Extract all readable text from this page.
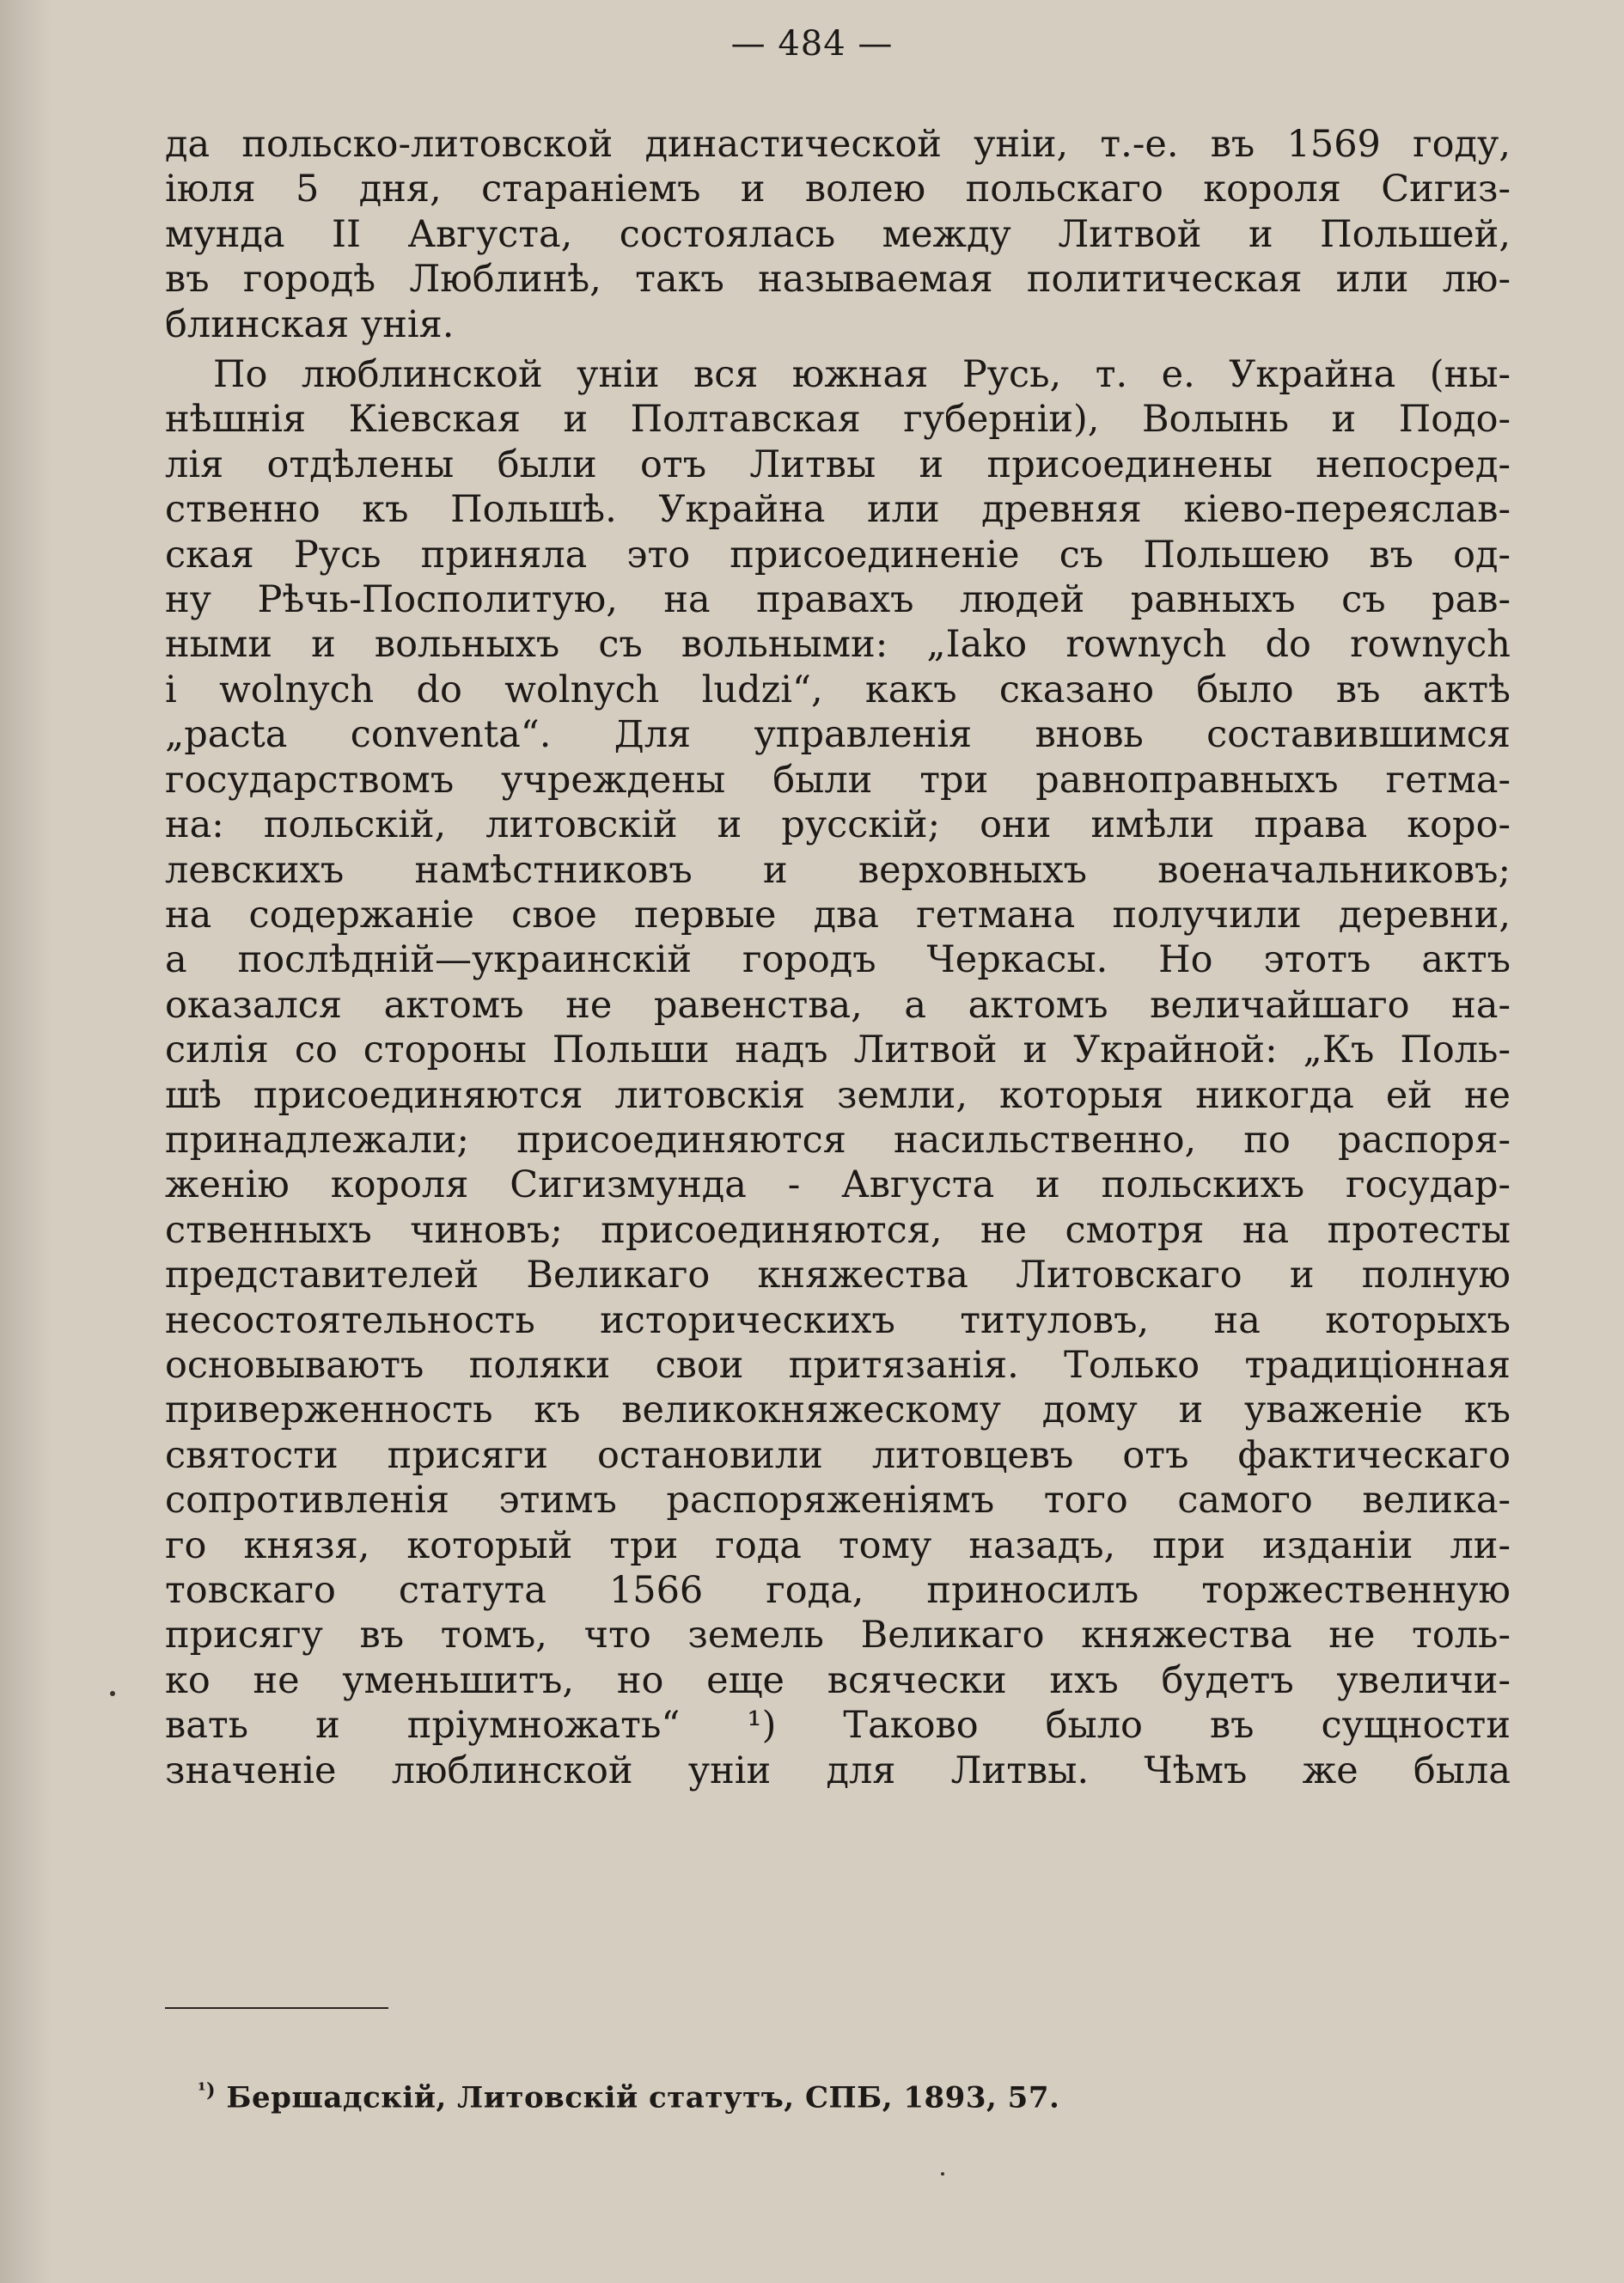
— 484 —
да польско-литовской династической уніи, т.-е. въ 1569 году,
іюля 5 дня, стараніемъ и волею польскаго короля Сигиз-
мунда II Августа, состоялась между Литвой и Польшей,
въ городѣ Люблинѣ, такъ называемая политическая или лю-
блинская унія.
По люблинской уніи вся южная Русь, т. е. Украйна (ны-
нѣшнія Кіевская и Полтавская губерніи), Волынь и Подо-
лія отдѣлены были отъ Литвы и присоединены непосред-
ственно къ Польшѣ. Украйна или древняя кіево-переяслав-
ская Русь приняла это присоединеніе съ Польшею въ од-
ну Рѣчь-Посполитую, на правахъ людей равныхъ съ рав-
ными и вольныхъ съ вольными: „Iako rownych do rownych
i wolnych do wolnych ludzi“, какъ сказано было въ актѣ
„pacta conventa“. Для управленія вновь составившимся
государствомъ учреждены были три равноправныхъ гетма-
на: польскій, литовскій и русскій; они имѣли права коро-
левскихъ намѣстниковъ и верховныхъ военачальниковъ;
на содержаніе свое первые два гетмана получили деревни,
а послѣдній—украинскій городъ Черкасы. Но этотъ актъ
оказался актомъ не равенства, а актомъ величайшаго на-
силія со стороны Польши надъ Литвой и Украйной: „Къ Поль-
шѣ присоединяются литовскія земли, которыя никогда ей не
принадлежали; присоединяются насильственно, по распоря-
женію короля Сигизмунда - Августа и польскихъ государ-
ственныхъ чиновъ; присоединяются, не смотря на протесты
представителей Великаго княжества Литовскаго и полную
несостоятельность историческихъ титуловъ, на которыхъ
основываютъ поляки свои притязанія. Только традиціонная
приверженность къ великокняжескому дому и уваженіе къ
святости присяги остановили литовцевъ отъ фактическаго
сопротивленія этимъ распоряженіямъ того самого велика-
го князя, который три года тому назадъ, при изданіи ли-
товскаго статута 1566 года, приносилъ торжественную
присягу въ томъ, что земель Великаго княжества не толь-
ко не уменьшитъ, но еще всячески ихъ будетъ увеличи-
вать и пріумножать“ ¹) Таково было въ сущности
значеніе люблинской уніи для Литвы. Чѣмъ же была
$^{^1)}$ Бершадскій, Литовскій статутъ, СПБ, 1893, 57.
